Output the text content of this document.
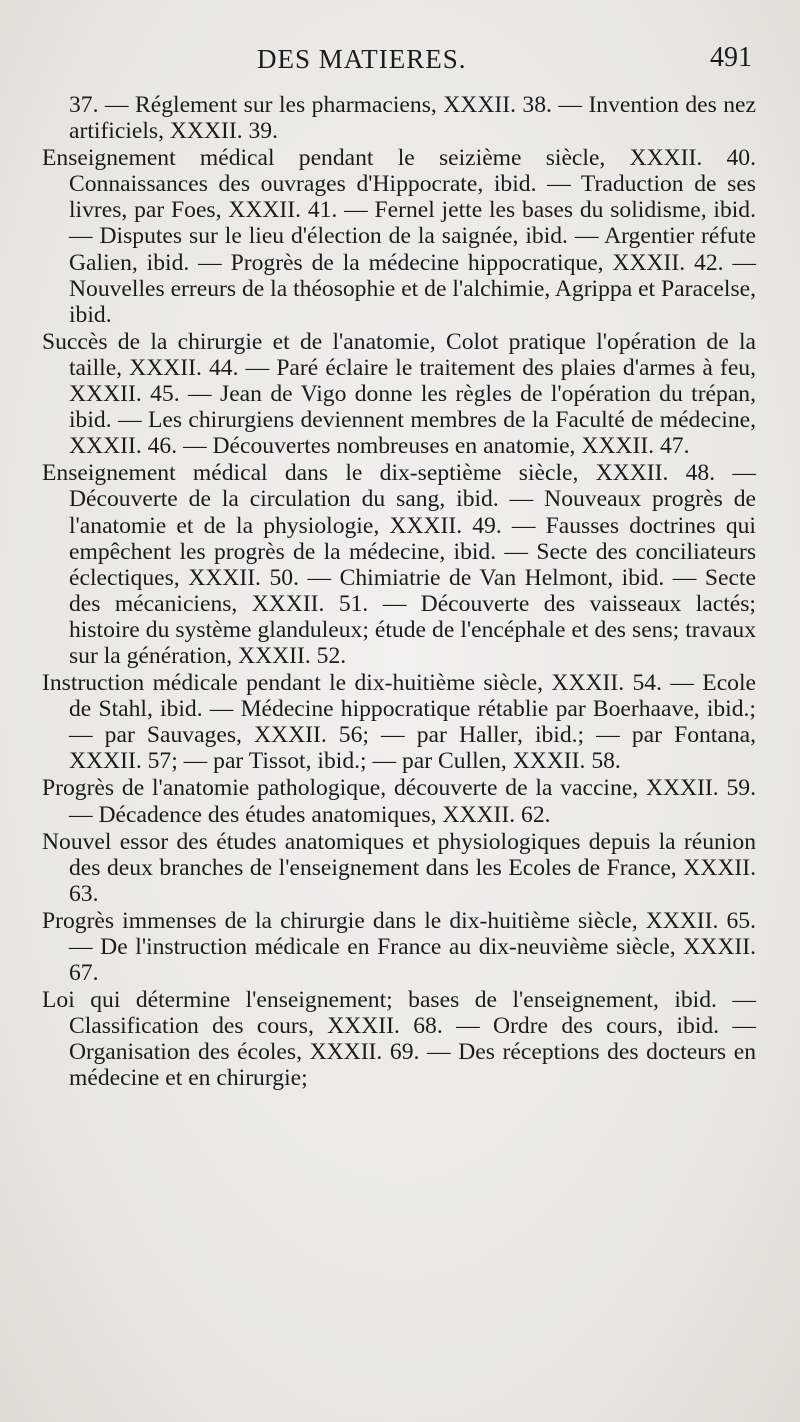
DES MATIERES.	491

37. — Réglement sur les pharmaciens, XXXII. 38. — Invention des nez artificiels, XXXII. 39.

Enseignement médical pendant le seizième siècle, XXXII. 40. Connaissances des ouvrages d'Hippocrate, ibid. — Traduction de ses livres, par Foes, XXXII. 41. — Fernel jette les bases du solidisme, ibid. — Disputes sur le lieu d'élection de la saignée, ibid. — Argentier réfute Galien, ibid. — Progrès de la médecine hippocratique, XXXII. 42. — Nouvelles erreurs de la théosophie et de l'alchimie, Agrippa et Paracelse, ibid.

Succès de la chirurgie et de l'anatomie, Colot pratique l'opération de la taille, XXXII. 44. — Paré éclaire le traitement des plaies d'armes à feu, XXXII. 45. — Jean de Vigo donne les règles de l'opération du trépan, ibid. — Les chirurgiens deviennent membres de la Faculté de médecine, XXXII. 46. — Découvertes nombreuses en anatomie, XXXII. 47.

Enseignement médical dans le dix-septième siècle, XXXII. 48. — Découverte de la circulation du sang, ibid. — Nouveaux progrès de l'anatomie et de la physiologie, XXXII. 49. — Fausses doctrines qui empêchent les progrès de la médecine, ibid. — Secte des conciliateurs éclectiques, XXXII. 50. — Chimiatrie de Van Helmont, ibid. — Secte des mécaniciens, XXXII. 51. — Découverte des vaisseaux lactés; histoire du système glanduleux; étude de l'encéphale et des sens; travaux sur la génération, XXXII. 52.

Instruction médicale pendant le dix-huitième siècle, XXXII. 54. — Ecole de Stahl, ibid. — Médecine hippocratique rétablie par Boerhaave, ibid.; — par Sauvages, XXXII. 56; — par Haller, ibid.; — par Fontana, XXXII. 57; — par Tissot, ibid.; — par Cullen, XXXII. 58.

Progrès de l'anatomie pathologique, découverte de la vaccine, XXXII. 59. — Décadence des études anatomiques, XXXII. 62.

Nouvel essor des études anatomiques et physiologiques depuis la réunion des deux branches de l'enseignement dans les Ecoles de France, XXXII. 63.

Progrès immenses de la chirurgie dans le dix-huitième siècle, XXXII. 65. — De l'instruction médicale en France au dix-neuvième siècle, XXXII. 67.

Loi qui détermine l'enseignement; bases de l'enseignement, ibid. — Classification des cours, XXXII. 68. — Ordre des cours, ibid. — Organisation des écoles, XXXII. 69. — Des réceptions des docteurs en médecine et en chirurgie;
